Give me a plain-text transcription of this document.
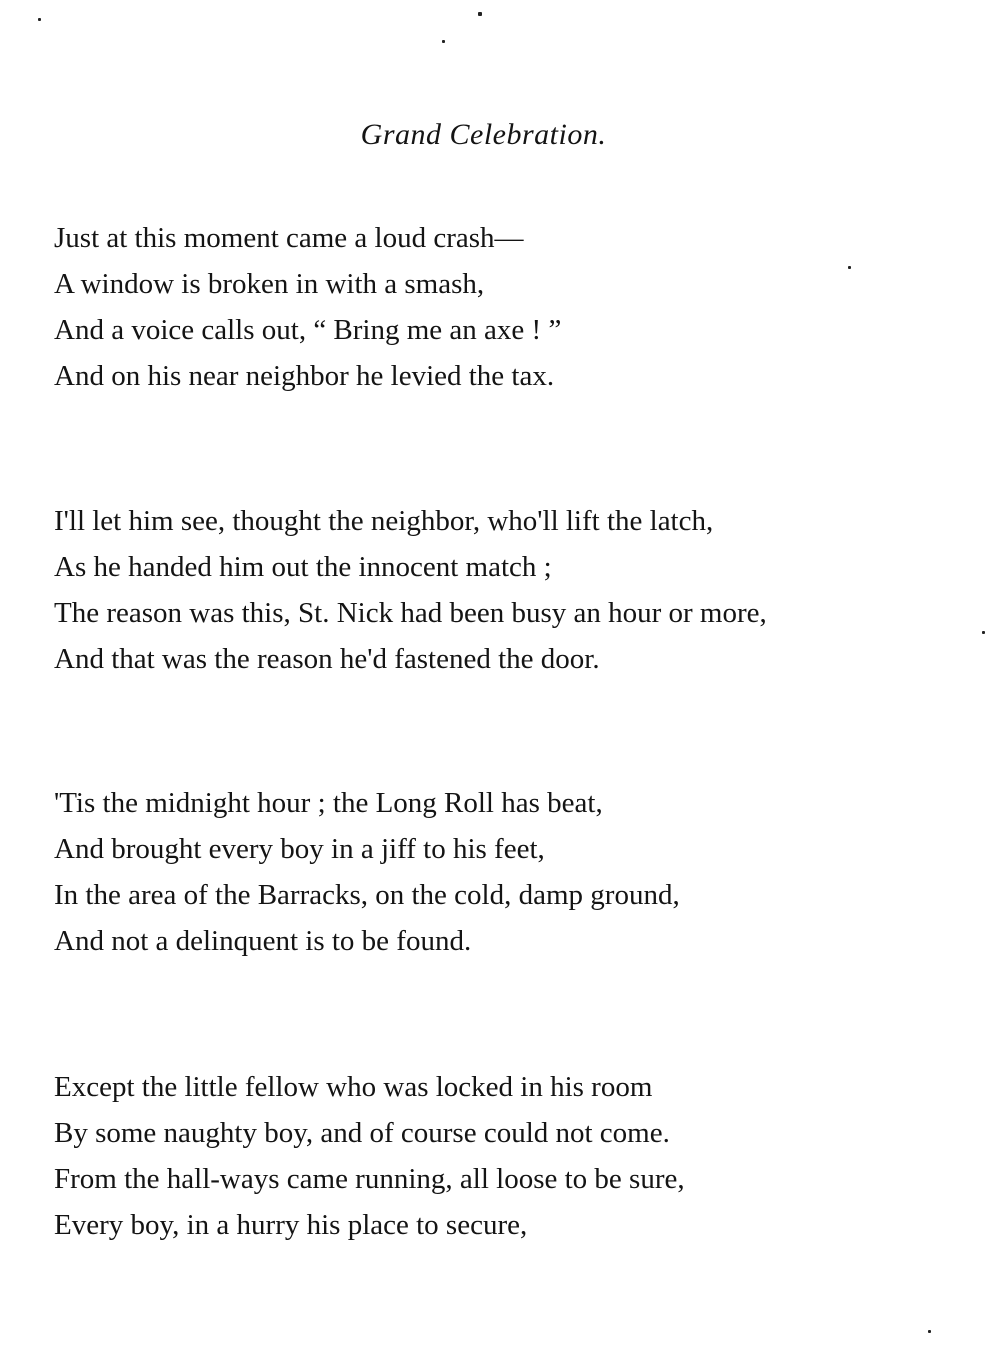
Grand Celebration.
Just at this moment came a loud crash—
A window is broken in with a smash,
And a voice calls out, “ Bring me an axe ! ”
And on his near neighbor he levied the tax.
I'll let him see, thought the neighbor, who'll lift the latch,
As he handed him out the innocent match ;
The reason was this, St. Nick had been busy an hour or more,
And that was the reason he'd fastened the door.
'Tis the midnight hour ; the Long Roll has beat,
And brought every boy in a jiff to his feet,
In the area of the Barracks, on the cold, damp ground,
And not a delinquent is to be found.
Except the little fellow who was locked in his room
By some naughty boy, and of course could not come.
From the hall-ways came running, all loose to be sure,
Every boy, in a hurry his place to secure,
